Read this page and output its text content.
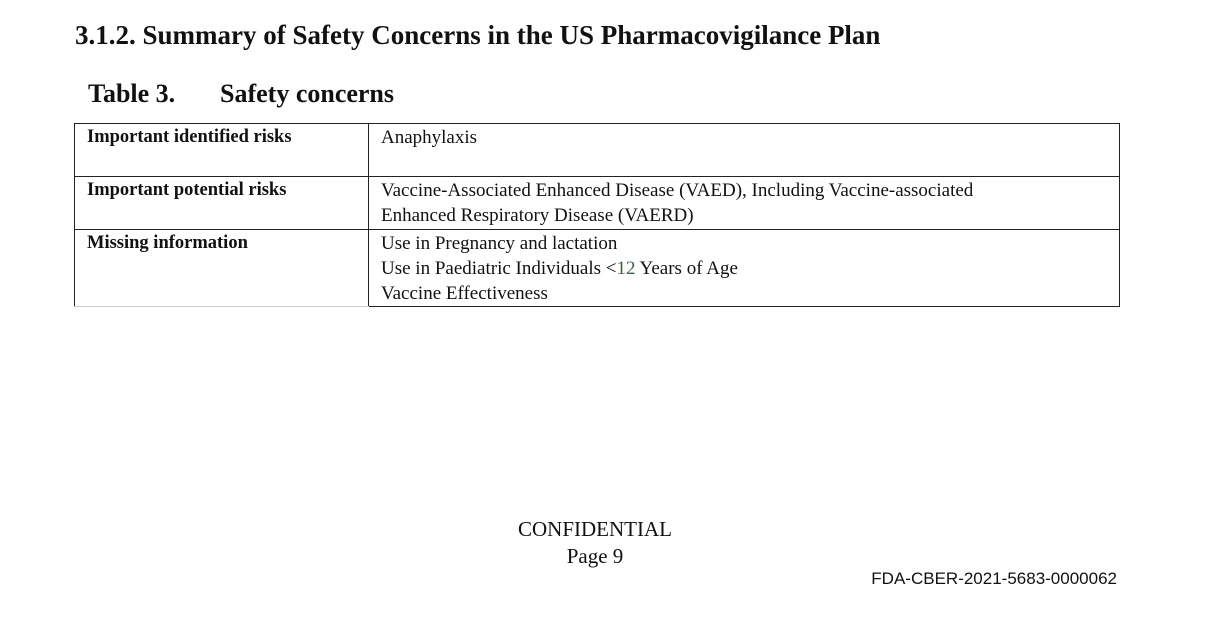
3.1.2. Summary of Safety Concerns in the US Pharmacovigilance Plan
Table 3. Safety concerns
Important identified risks	Anaphylaxis

Important potential risks	Vaccine-Associated Enhanced Disease (VAED), Including Vaccine-associated
Enhanced Respiratory Disease (VAERD)

Missing information	Use in Pregnancy and lactation
Use in Paediatric Individuals <12 Years of Age
Vaccine Effectiveness
CONFIDENTIAL
Page 9
FDA-CBER-2021-5683-0000062
